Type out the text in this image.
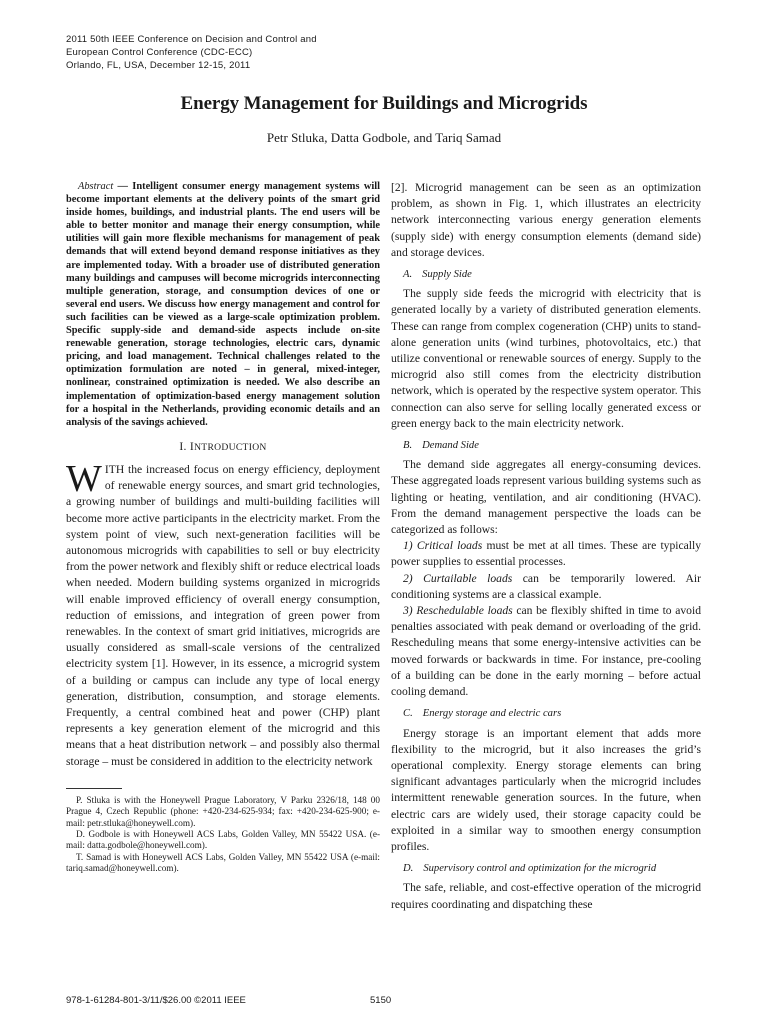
2011 50th IEEE Conference on Decision and Control and
European Control Conference (CDC-ECC)
Orlando, FL, USA, December 12-15, 2011
Energy Management for Buildings and Microgrids
Petr Stluka, Datta Godbole, and Tariq Samad

Abstract — Intelligent consumer energy management systems will become important elements at the delivery points of the smart grid inside homes, buildings, and industrial plants. The end users will be able to better monitor and manage their energy consumption, while utilities will gain more flexible mechanisms for management of peak demands that will extend beyond demand response initiatives as they are implemented today. With a broader use of distributed generation many buildings and campuses will become microgrids interconnecting multiple generation, storage, and consumption devices of one or several end users. We discuss how energy management and control for such facilities can be viewed as a large-scale optimization problem. Specific supply-side and demand-side aspects include on-site renewable generation, storage technologies, electric cars, dynamic pricing, and load management. Technical challenges related to the optimization formulation are noted – in general, mixed-integer, nonlinear, constrained optimization is needed. We also describe an implementation of optimization-based energy management solution for a hospital in the Netherlands, providing economic details and an analysis of the savings achieved.

I. INTRODUCTION

WITH the increased focus on energy efficiency, deployment of renewable energy sources, and smart grid technologies, a growing number of buildings and multi-building facilities will become more active participants in the electricity market. From the system point of view, such next-generation facilities will be autonomous microgrids with capabilities to sell or buy electricity from the power network and flexibly shift or reduce electrical loads when needed. Modern building systems organized in microgrids will enable improved efficiency of overall energy consumption, reduction of emissions, and integration of green power from renewables. In the context of smart grid initiatives, microgrids are usually considered as small-scale versions of the centralized electricity system [1]. However, in its essence, a microgrid system of a building or campus can include any type of local energy generation, distribution, consumption, and storage elements. Frequently, a central combined heat and power (CHP) plant represents a key generation element of the microgrid and this means that a heat distribution network – and possibly also thermal storage – must be considered in addition to the electricity network

P. Stluka is with the Honeywell Prague Laboratory, V Parku 2326/18, 148 00 Prague 4, Czech Republic (phone: +420-234-625-934; fax: +420-234-625-900; e-mail: petr.stluka@honeywell.com).

D. Godbole is with Honeywell ACS Labs, Golden Valley, MN 55422 USA. (e-mail: datta.godbole@honeywell.com).

T. Samad is with Honeywell ACS Labs, Golden Valley, MN 55422 USA (e-mail: tariq.samad@honeywell.com).

[2]. Microgrid management can be seen as an optimization problem, as shown in Fig. 1, which illustrates an electricity network interconnecting various energy generation elements (supply side) with energy consumption elements (demand side) and storage devices.

A. Supply Side

The supply side feeds the microgrid with electricity that is generated locally by a variety of distributed generation elements. These can range from complex cogeneration (CHP) units to stand-alone generation units (wind turbines, photovoltaics, etc.) that utilize conventional or renewable sources of energy. Supply to the microgrid also still comes from the electricity distribution network, which is operated by the respective system operator. This connection can also serve for selling locally generated excess or green energy back to the main electricity network.

B. Demand Side

The demand side aggregates all energy-consuming devices. These aggregated loads represent various building systems such as lighting or heating, ventilation, and air conditioning (HVAC). From the demand management perspective the loads can be categorized as follows:

1) Critical loads must be met at all times. These are typically power supplies to essential processes.

2) Curtailable loads can be temporarily lowered. Air conditioning systems are a classical example.

3) Reschedulable loads can be flexibly shifted in time to avoid penalties associated with peak demand or overloading of the grid. Rescheduling means that some energy-intensive activities can be moved forwards or backwards in time. For instance, pre-cooling of a building can be done in the early morning – before actual cooling demand.

C. Energy storage and electric cars

Energy storage is an important element that adds more flexibility to the microgrid, but it also increases the grid’s operational complexity. Energy storage elements can bring significant advantages particularly when the microgrid includes intermittent renewable generation sources. In the future, when electric cars are widely used, their storage capacity could be exploited in a similar way to smoothen energy consumption profiles.

D. Supervisory control and optimization for the microgrid

The safe, reliable, and cost-effective operation of the microgrid requires coordinating and dispatching these

978-1-61284-801-3/11/$26.00 ©2011 IEEE	5150
